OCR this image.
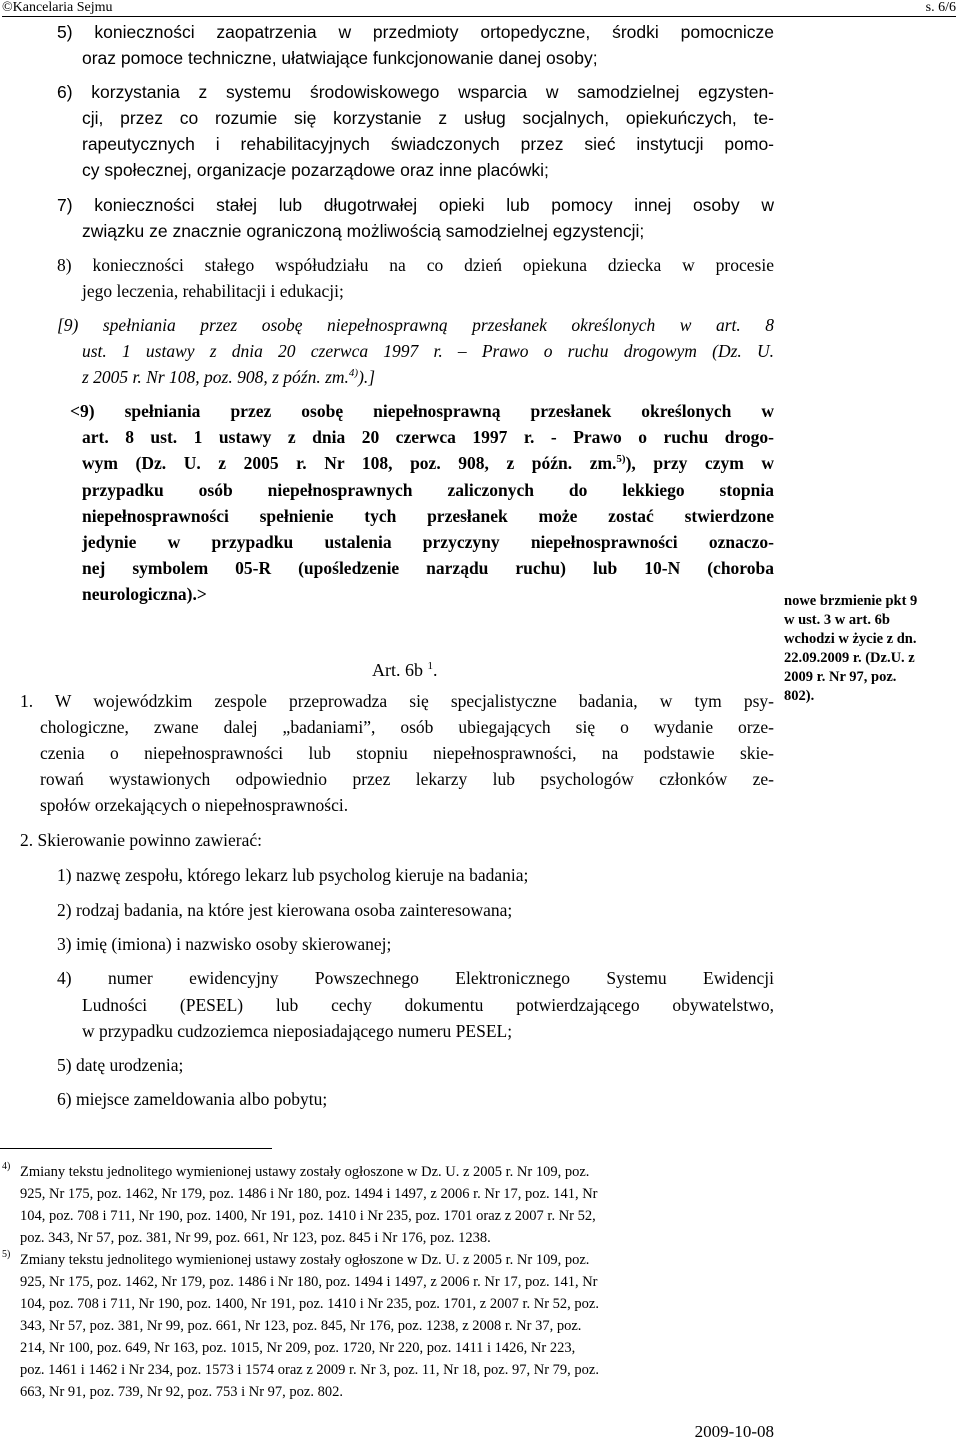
©Kancelaria Sejmu	s. 6/6
5) konieczności zaopatrzenia w przedmioty ortopedyczne, środki pomocnicze
oraz pomoce techniczne, ułatwiające funkcjonowanie danej osoby;
6) korzystania z systemu środowiskowego wsparcia w samodzielnej egzysten-
cji, przez co rozumie się korzystanie z usług socjalnych, opiekuńczych, te-
rapeutycznych i rehabilitacyjnych świadczonych przez sieć instytucji pomo-
cy społecznej, organizacje pozarządowe oraz inne placówki;
7) konieczności stałej lub długotrwałej opieki lub pomocy innej osoby w
związku ze znacznie ograniczoną możliwością samodzielnej egzystencji;
8) konieczności stałego współudziału na co dzień opiekuna dziecka w procesie
jego leczenia, rehabilitacji i edukacji;
[9) spełniania przez osobę niepełnosprawną przesłanek określonych w art. 8
ust. 1 ustawy z dnia 20 czerwca 1997 r. – Prawo o ruchu drogowym (Dz. U.
z 2005 r. Nr 108, poz. 908, z późn. zm.$^{4)}$).]
<9) spełniania przez osobę niepełnosprawną przesłanek określonych w
art. 8 ust. 1 ustawy z dnia 20 czerwca 1997 r. - Prawo o ruchu drogo-
wym (Dz. U. z 2005 r. Nr 108, poz. 908, z późn. zm.$^{5)}$), przy czym w
przypadku osób niepełnosprawnych zaliczonych do lekkiego stopnia
niepełnosprawności spełnienie tych przesłanek może zostać stwierdzone
jedynie w przypadku ustalenia przyczyny niepełnosprawności oznaczo-
nej symbolem 05-R (upośledzenie narządu ruchu) lub 10-N (choroba
neurologiczna).>	nowe brzmienie pkt 9
w ust. 3 w art. 6b
wchodzi w życie z dn.
22.09.2009 r. (Dz.U. z
2009 r. Nr 97, poz.
802).
Art. 6b $^1$.
1. W wojewódzkim zespole przeprowadza się specjalistyczne badania, w tym psy-
chologiczne, zwane dalej „badaniami”, osób ubiegających się o wydanie orze-
czenia o niepełnosprawności lub stopniu niepełnosprawności, na podstawie skie-
rowań wystawionych odpowiednio przez lekarzy lub psychologów członków ze-
społów orzekających o niepełnosprawności.
2. Skierowanie powinno zawierać:
1) nazwę zespołu, którego lekarz lub psycholog kieruje na badania;
2) rodzaj badania, na które jest kierowana osoba zainteresowana;
3) imię (imiona) i nazwisko osoby skierowanej;
4) numer ewidencyjny Powszechnego Elektronicznego Systemu Ewidencji
Ludności (PESEL) lub cechy dokumentu potwierdzającego obywatelstwo,
w przypadku cudzoziemca nieposiadającego numeru PESEL;
5) datę urodzenia;
6) miejsce zameldowania albo pobytu;
4) Zmiany tekstu jednolitego wymienionej ustawy zostały ogłoszone w Dz. U. z 2005 r. Nr 109, poz.
925, Nr 175, poz. 1462, Nr 179, poz. 1486 i Nr 180, poz. 1494 i 1497, z 2006 r. Nr 17, poz. 141, Nr
104, poz. 708 i 711, Nr 190, poz. 1400, Nr 191, poz. 1410 i Nr 235, poz. 1701 oraz z 2007 r. Nr 52,
poz. 343, Nr 57, poz. 381, Nr 99, poz. 661, Nr 123, poz. 845 i Nr 176, poz. 1238.
5) Zmiany tekstu jednolitego wymienionej ustawy zostały ogłoszone w Dz. U. z 2005 r. Nr 109, poz.
925, Nr 175, poz. 1462, Nr 179, poz. 1486 i Nr 180, poz. 1494 i 1497, z 2006 r. Nr 17, poz. 141, Nr
104, poz. 708 i 711, Nr 190, poz. 1400, Nr 191, poz. 1410 i Nr 235, poz. 1701, z 2007 r. Nr 52, poz.
343, Nr 57, poz. 381, Nr 99, poz. 661, Nr 123, poz. 845, Nr 176, poz. 1238, z 2008 r. Nr 37, poz.
214, Nr 100, poz. 649, Nr 163, poz. 1015, Nr 209, poz. 1720, Nr 220, poz. 1411 i 1426, Nr 223,
poz. 1461 i 1462 i Nr 234, poz. 1573 i 1574 oraz z 2009 r. Nr 3, poz. 11, Nr 18, poz. 97, Nr 79, poz.
663, Nr 91, poz. 739, Nr 92, poz. 753 i Nr 97, poz. 802.
2009-10-08
